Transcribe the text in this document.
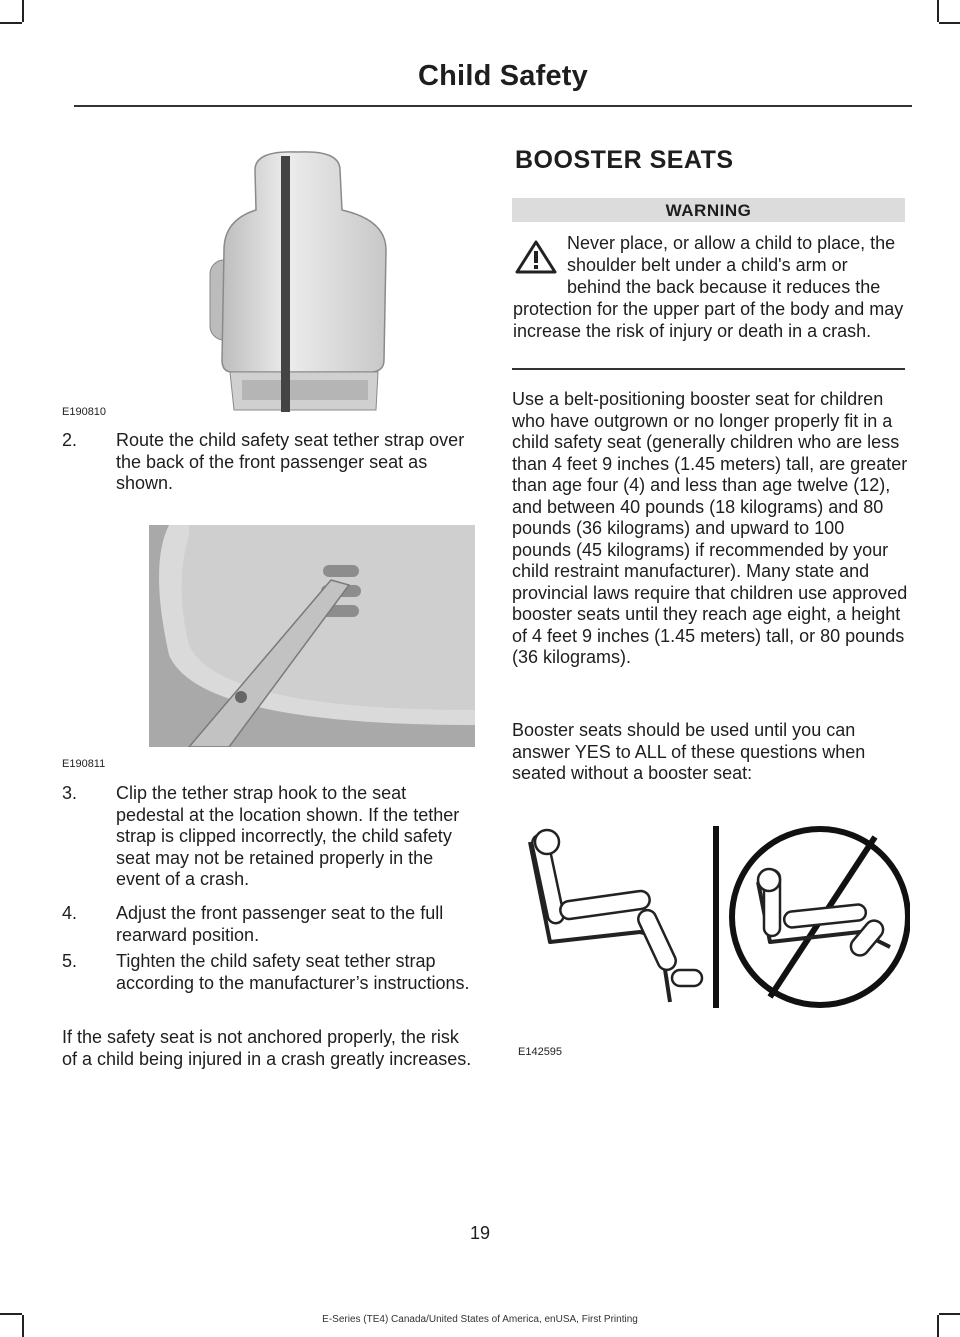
Child Safety
E190810
2. Route the child safety seat tether strap over the back of the front passenger seat as shown.
E190811
3. Clip the tether strap hook to the seat pedestal at the location shown. If the tether strap is clipped incorrectly, the child safety seat may not be retained properly in the event of a crash.
4. Adjust the front passenger seat to the full rearward position.
5. Tighten the child safety seat tether strap according to the manufacturer’s instructions.
If the safety seat is not anchored properly, the risk of a child being injured in a crash greatly increases.
BOOSTER SEATS
WARNING
Never place, or allow a child to place, the shoulder belt under a child's arm or behind the back because it reduces the protection for the upper part of the body and may increase the risk of injury or death in a crash.
Use a belt-positioning booster seat for children who have outgrown or no longer properly fit in a child safety seat (generally children who are less than 4 feet 9 inches (1.45 meters) tall, are greater than age four (4) and less than age twelve (12), and between 40 pounds (18 kilograms) and 80 pounds (36 kilograms) and upward to 100 pounds (45 kilograms) if recommended by your child restraint manufacturer). Many state and provincial laws require that children use approved booster seats until they reach age eight, a height of 4 feet 9 inches (1.45 meters) tall, or 80 pounds (36 kilograms).
Booster seats should be used until you can answer YES to ALL of these questions when seated without a booster seat:
E142595
19
E-Series (TE4) Canada/United States of America, enUSA, First Printing
